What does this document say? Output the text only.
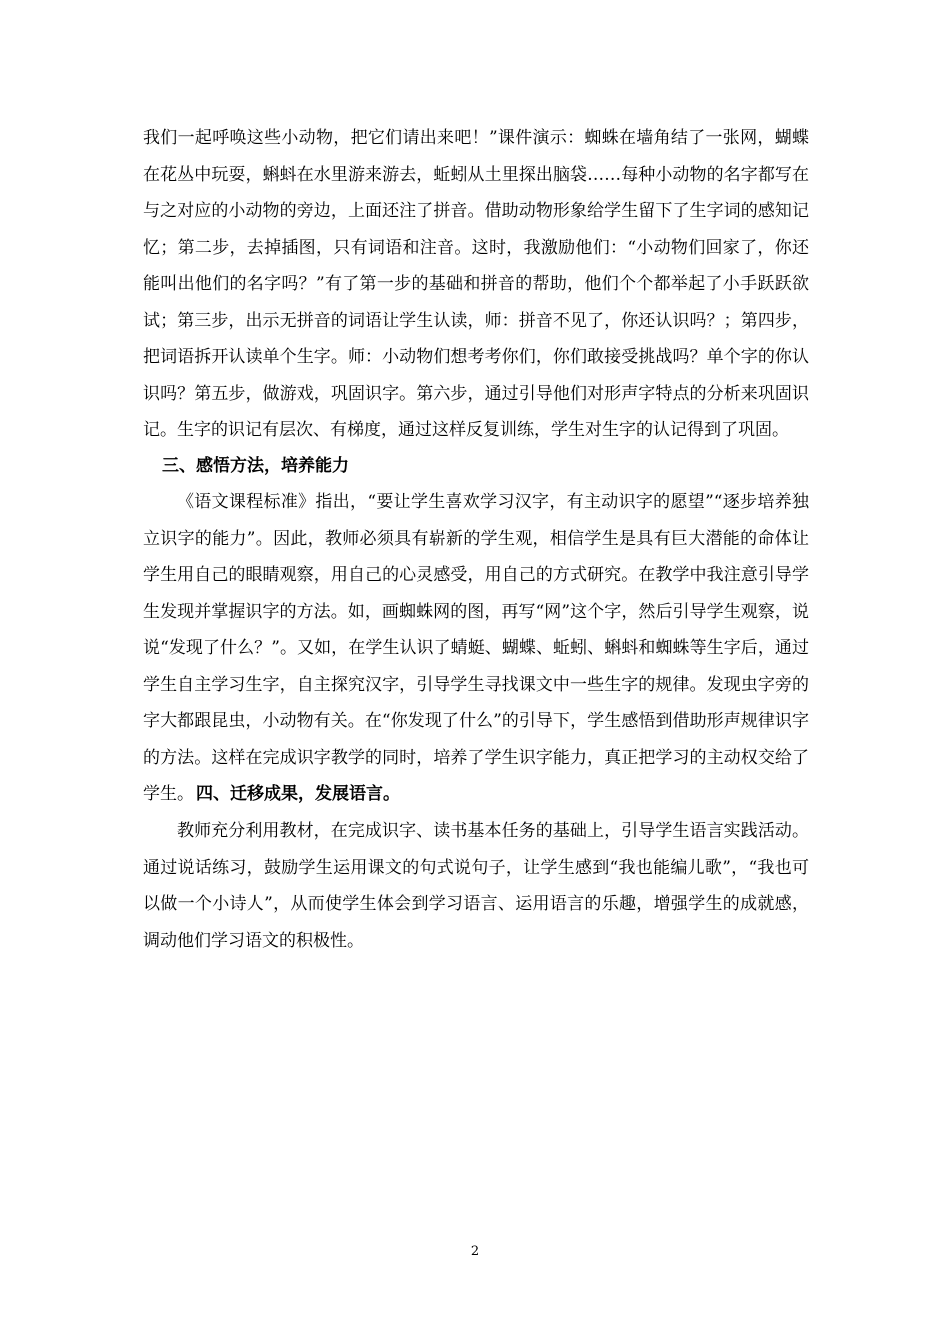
我们一起呼唤这些小动物，把它们请出来吧！”课件演示：蜘蛛在墙角结了一张网，蝴蝶在花丛中玩耍，蝌蚪在水里游来游去，蚯蚓从土里探出脑袋……每种小动物的名字都写在与之对应的小动物的旁边，上面还注了拼音。借助动物形象给学生留下了生字词的感知记忆；第二步，去掉插图，只有词语和注音。这时，我激励他们：“小动物们回家了，你还能叫出他们的名字吗？”有了第一步的基础和拼音的帮助，他们个个都举起了小手跃跃欲试；第三步，出示无拼音的词语让学生认读，师：拼音不见了，你还认识吗？；第四步，把词语拆开认读单个生字。师：小动物们想考考你们，你们敢接受挑战吗？单个字的你认识吗？第五步，做游戏，巩固识字。第六步，通过引导他们对形声字特点的分析来巩固识记。生字的识记有层次、有梯度，通过这样反复训练，学生对生字的认记得到了巩固。

三、感悟方法，培养能力

《语文课程标准》指出，“要让学生喜欢学习汉字，有主动识字的愿望”“逐步培养独立识字的能力”。因此，教师必须具有崭新的学生观，相信学生是具有巨大潜能的命体让学生用自己的眼睛观察，用自己的心灵感受，用自己的方式研究。在教学中我注意引导学生发现并掌握识字的方法。如，画蜘蛛网的图，再写“网”这个字，然后引导学生观察，说说“发现了什么？”。又如，在学生认识了蜻蜓、蝴蝶、蚯蚓、蝌蚪和蜘蛛等生字后，通过学生自主学习生字，自主探究汉字，引导学生寻找课文中一些生字的规律。发现虫字旁的字大都跟昆虫，小动物有关。在“你发现了什么”的引导下，学生感悟到借助形声规律识字的方法。这样在完成识字教学的同时，培养了学生识字能力，真正把学习的主动权交给了学生。 四、迁移成果，发展语言。

教师充分利用教材，在完成识字、读书基本任务的基础上，引导学生语言实践活动。通过说话练习，鼓励学生运用课文的句式说句子，让学生感到“我也能编儿歌”，“我也可以做一个小诗人”，从而使学生体会到学习语言、运用语言的乐趣，增强学生的成就感，调动他们学习语文的积极性。

2
